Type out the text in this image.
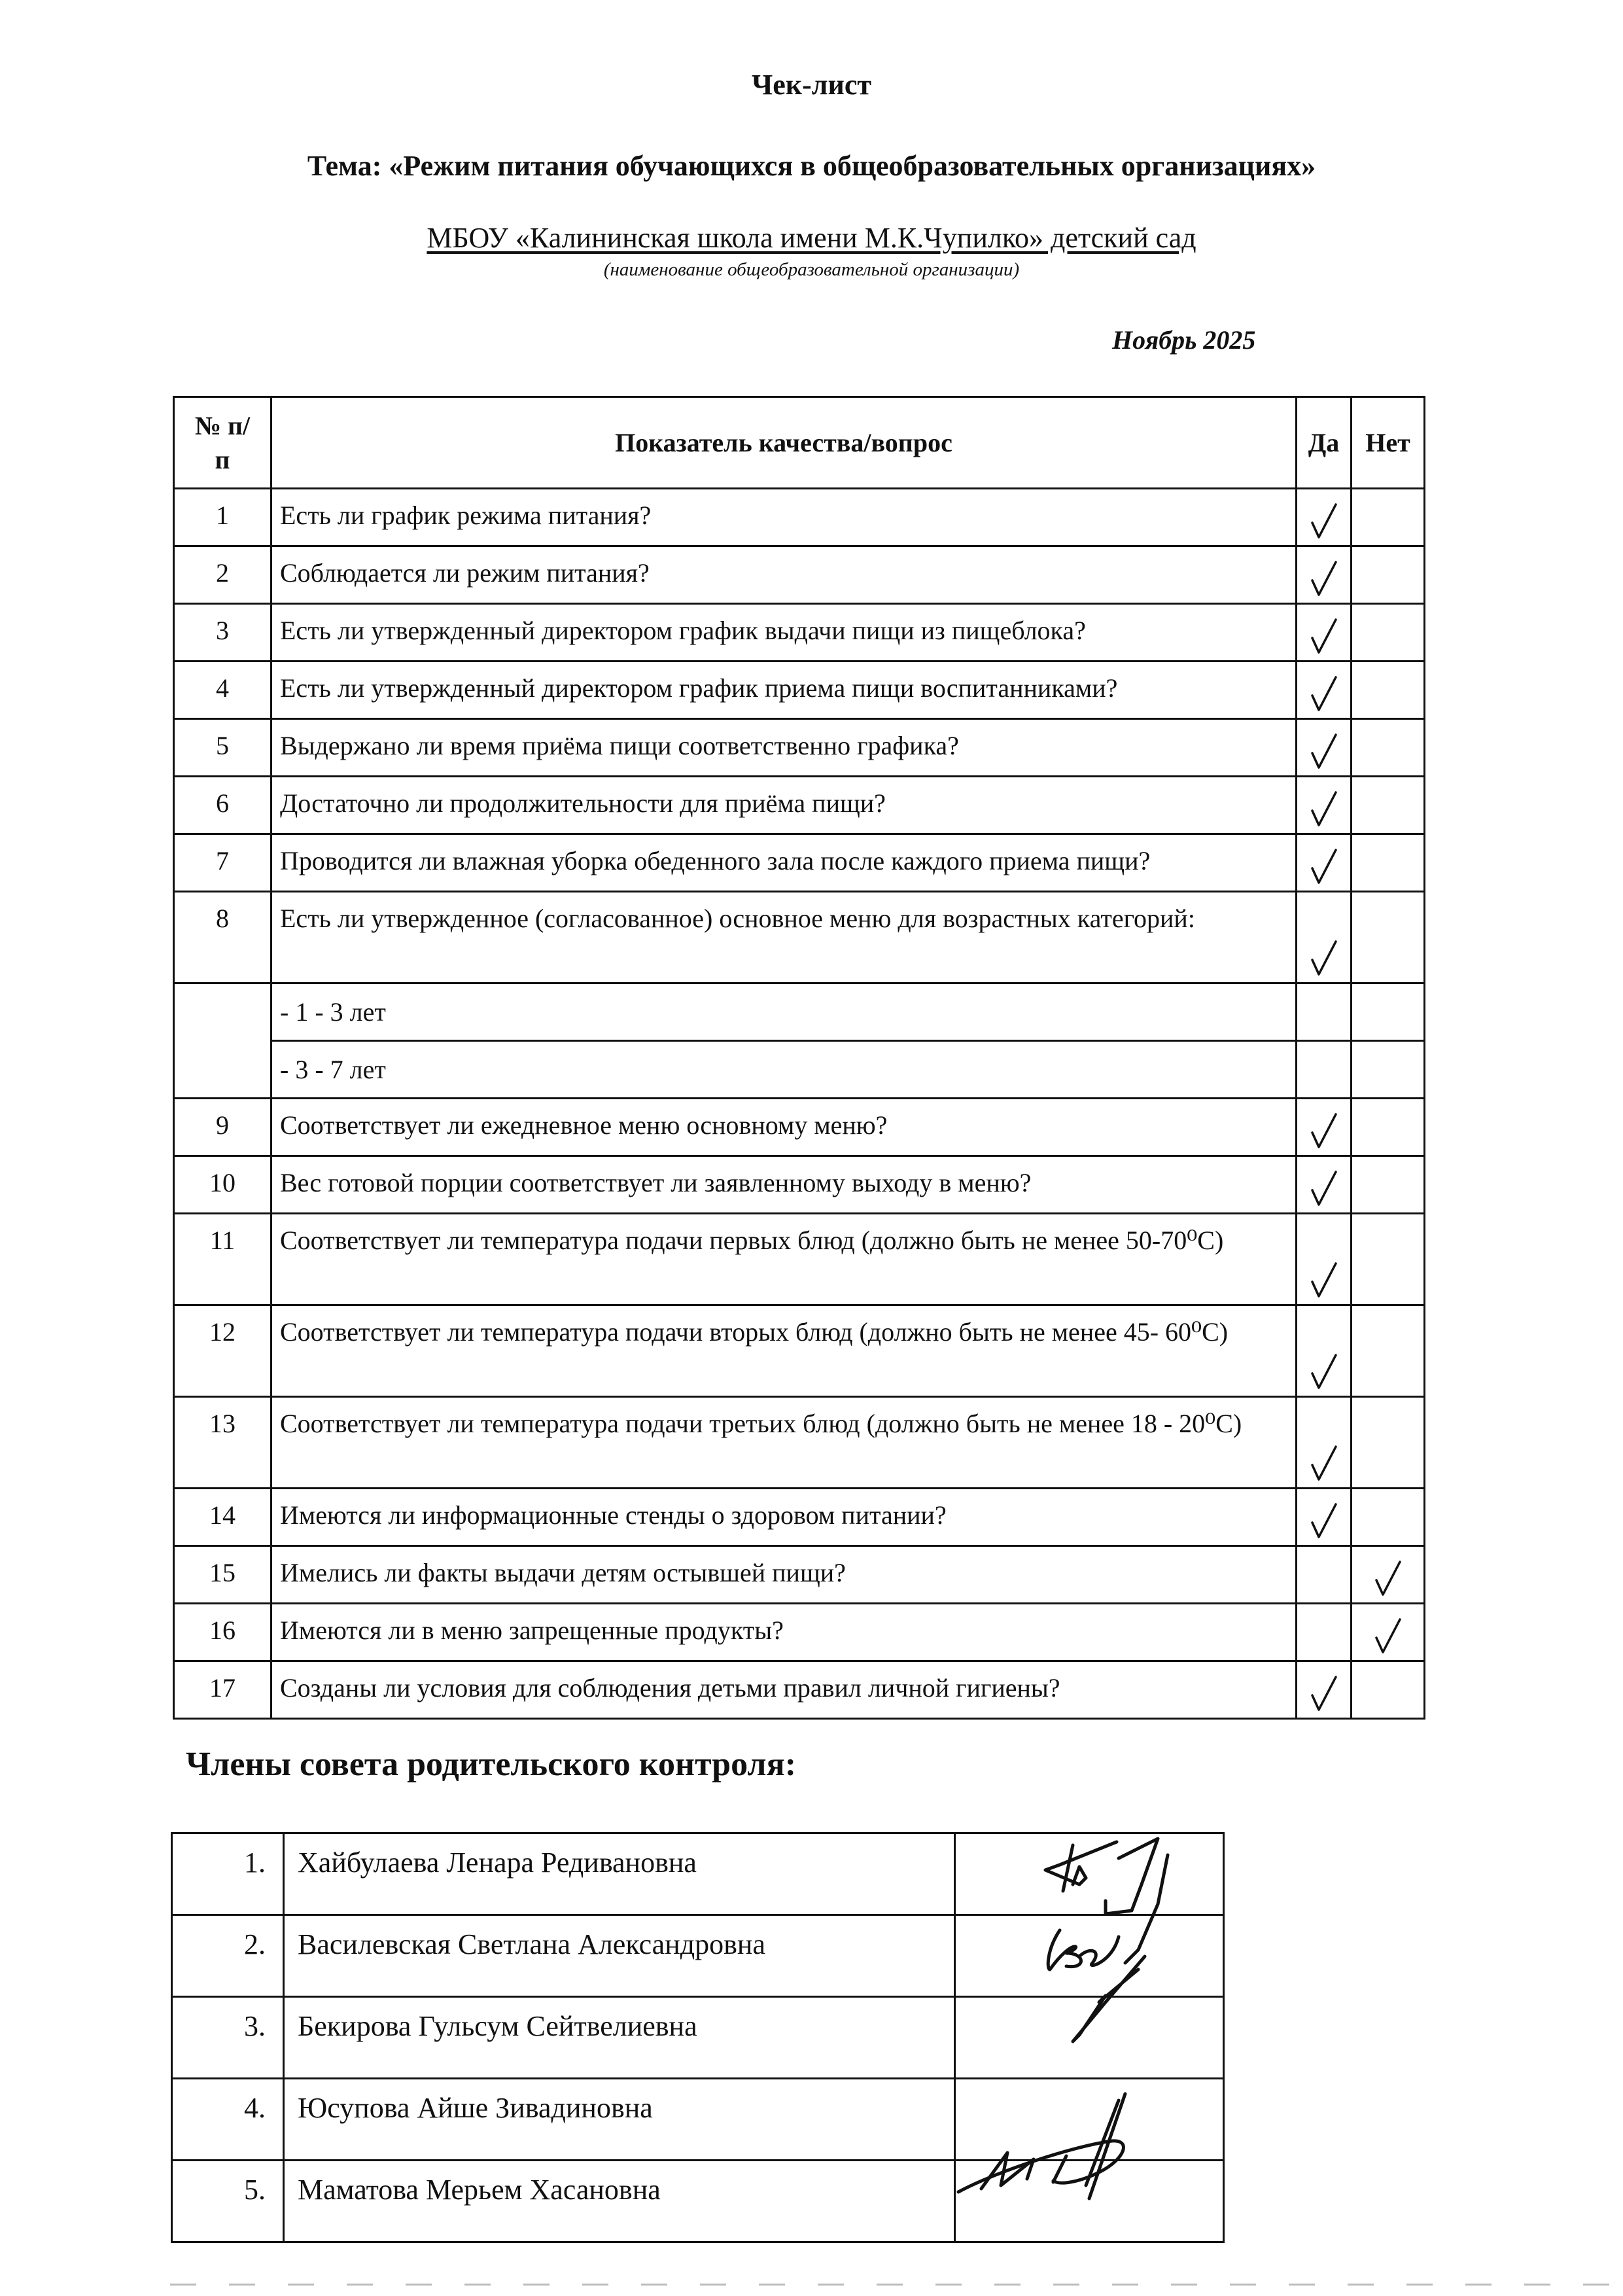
Чек-лист
Тема: «Режим питания обучающихся в общеобразовательных организациях»
МБОУ «Калининская школа имени М.К.Чупилко» детский сад
(наименование общеобразовательной организации)
Ноябрь 2025
№ п/п	Показатель качества/вопрос	Да	Нет
1	Есть ли график режима питания?	

2	Соблюдается ли режим питания?	

3	Есть ли утвержденный директором график выдачи пищи из пищеблока?	

4	Есть ли утвержденный директором график приема пищи воспитанниками?	

5	Выдержано ли время приёма пищи соответственно графика?	

6	Достаточно ли продолжительности для приёма пищи?	

7	Проводится ли влажная уборка обеденного зала после каждого приема пищи?	

8	Есть ли утвержденное (согласованное) основное меню для возрастных категорий:	

	- 1 - 3 лет		
	- 3 - 7 лет		
9	Соответствует ли ежедневное меню основному меню?	

10	Вес готовой порции соответствует ли заявленному выходу в меню?	

11	Соответствует ли температура подачи первых блюд (должно быть не менее 50-70⁰С)	

12	Соответствует ли температура подачи вторых блюд (должно быть не менее 45- 60⁰С)	

13	Соответствует ли температура подачи третьих блюд (должно быть не менее 18 - 20⁰С)	

14	Имеются ли информационные стенды о здоровом питании?	

15	Имелись ли факты выдачи детям остывшей пищи?		

16	Имеются ли в меню запрещенные продукты?		

17	Созданы ли условия для соблюдения детьми правил личной гигиены?	

Члены совета родительского контроля:
1.	Хайбулаева Ленара Редивановна	
2.	Василевская Светлана Александровна	
3.	Бекирова Гульсум Сейтвелиевна	
4.	Юсупова Айше Зивадиновна	
5.	Маматова Мерьем Хасановна	
